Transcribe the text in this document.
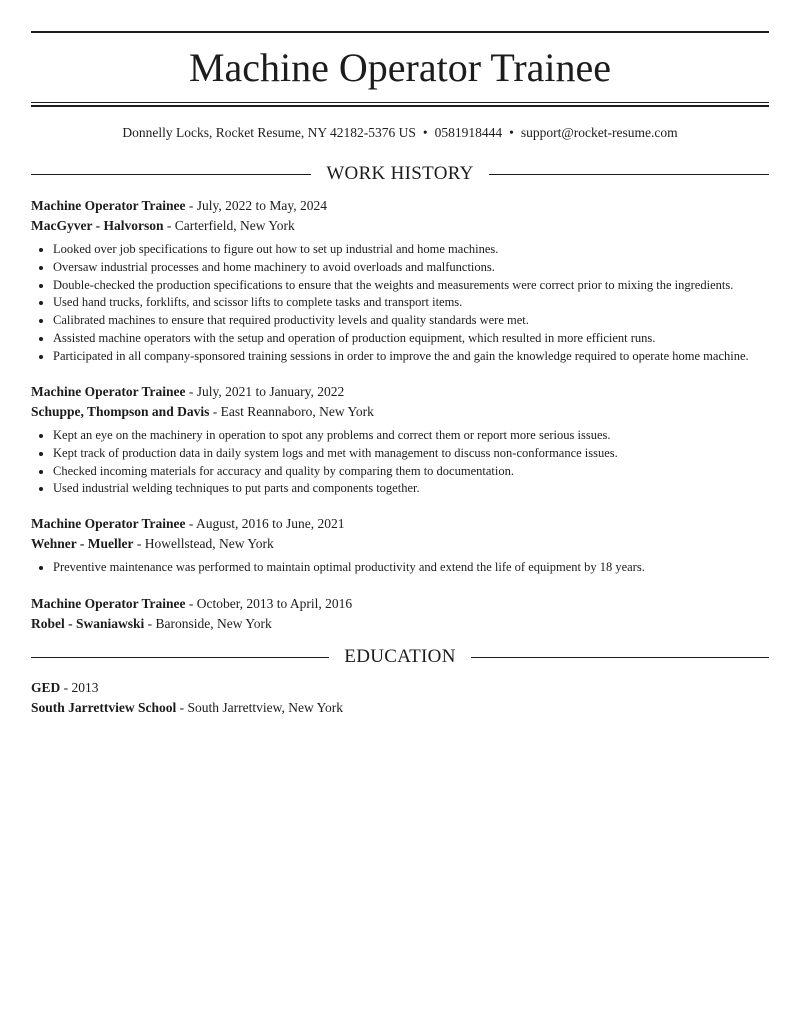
Machine Operator Trainee
Donnelly Locks, Rocket Resume, NY 42182-5376 US • 0581918444 • support@rocket-resume.com
WORK HISTORY
Machine Operator Trainee - July, 2022 to May, 2024
MacGyver - Halvorson - Carterfield, New York
• Looked over job specifications to figure out how to set up industrial and home machines.
• Oversaw industrial processes and home machinery to avoid overloads and malfunctions.
• Double-checked the production specifications to ensure that the weights and measurements were correct prior to mixing the ingredients.
• Used hand trucks, forklifts, and scissor lifts to complete tasks and transport items.
• Calibrated machines to ensure that required productivity levels and quality standards were met.
• Assisted machine operators with the setup and operation of production equipment, which resulted in more efficient runs.
• Participated in all company-sponsored training sessions in order to improve the and gain the knowledge required to operate home machine.
Machine Operator Trainee - July, 2021 to January, 2022
Schuppe, Thompson and Davis - East Reannaboro, New York
• Kept an eye on the machinery in operation to spot any problems and correct them or report more serious issues.
• Kept track of production data in daily system logs and met with management to discuss non-conformance issues.
• Checked incoming materials for accuracy and quality by comparing them to documentation.
• Used industrial welding techniques to put parts and components together.
Machine Operator Trainee - August, 2016 to June, 2021
Wehner - Mueller - Howellstead, New York
• Preventive maintenance was performed to maintain optimal productivity and extend the life of equipment by 18 years.
Machine Operator Trainee - October, 2013 to April, 2016
Robel - Swaniawski - Baronside, New York
EDUCATION
GED - 2013
South Jarrettview School - South Jarrettview, New York
